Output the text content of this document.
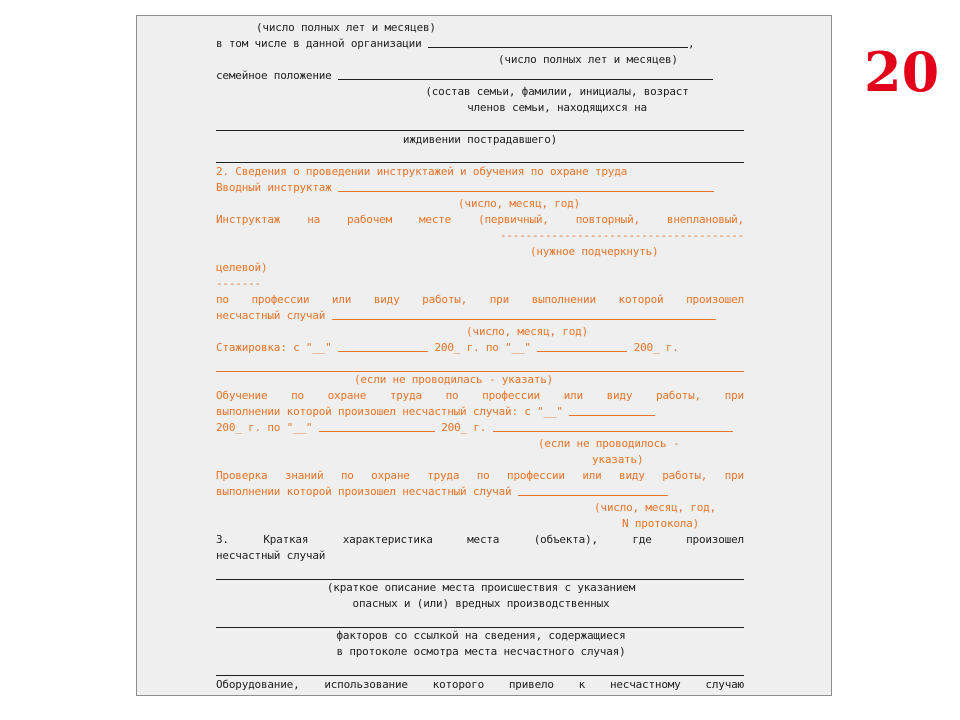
(число полных лет и месяцев)
в том числе в данной организации	,
(число полных лет и месяцев)
семейное положение
(состав семьи, фамилии, инициалы, возраст
членов семьи, находящихся на
иждивении пострадавшего)
2. Сведения о проведении инструктажей и обучения по охране труда
Вводный инструктаж
(число, месяц, год)
Инструктаж на рабочем месте (первичный, повторный, внеплановый,
--------------------------------------
(нужное подчеркнуть)
целевой)
-------
по профессии или виду работы, при выполнении которой произошел
несчастный случай
(число, месяц, год)
Стажировка: с "__"	200_ г. по "__"	200_ г.
(если не проводилась - указать)
Обучение по охране труда по профессии или виду работы, при
выполнении которой произошел несчастный случай: с "__"
200_ г. по "__"	200_ г.
(если не проводилось -
указать)
Проверка знаний по охране труда по профессии или виду работы, при
выполнении которой произошел несчастный случай
(число, месяц, год,
N протокола)
3.	Краткая	характеристика	места	(объекта),	где	произошел
несчастный случай
(краткое описание места происшествия с указанием
опасных и (или) вредных производственных
факторов со ссылкой на сведения, содержащиеся
в протоколе осмотра места несчастного случая)
Оборудование, использование которого привело к несчастному случаю
20
